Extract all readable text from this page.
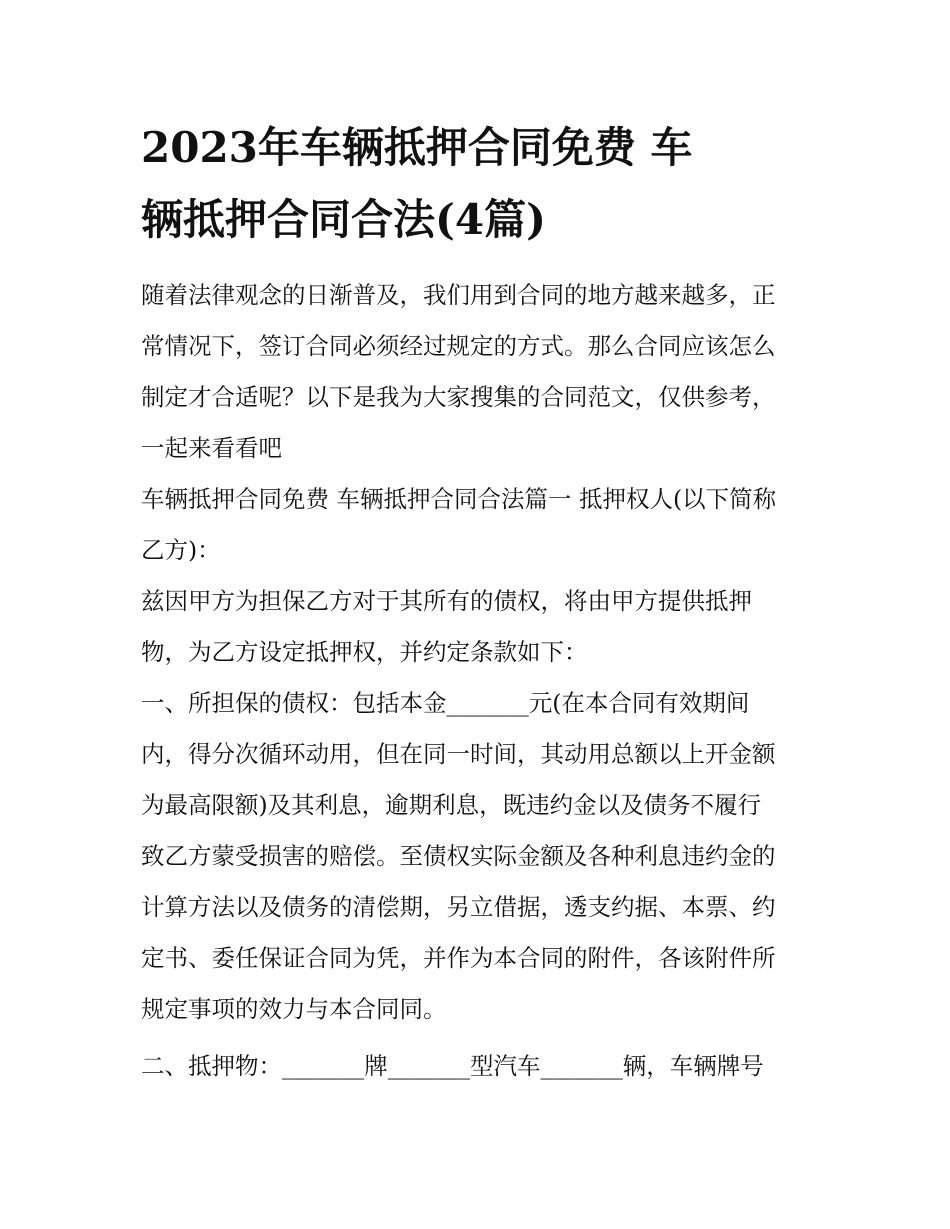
2023年车辆抵押合同免费 车
辆抵押合同合法(4篇)

随着法律观念的日渐普及，我们用到合同的地方越来越多，正
常情况下，签订合同必须经过规定的方式。那么合同应该怎么
制定才合适呢？以下是我为大家搜集的合同范文，仅供参考，
一起来看看吧

车辆抵押合同免费 车辆抵押合同合法篇一 抵押权人(以下简称
乙方)：

兹因甲方为担保乙方对于其所有的债权，将由甲方提供抵押
物，为乙方设定抵押权，并约定条款如下：

一、所担保的债权：包括本金_______元(在本合同有效期间
内，得分次循环动用，但在同一时间，其动用总额以上开金额
为最高限额)及其利息，逾期利息，既违约金以及债务不履行
致乙方蒙受损害的赔偿。至债权实际金额及各种利息违约金的
计算方法以及债务的清偿期，另立借据，透支约据、本票、约
定书、委任保证合同为凭，并作为本合同的附件，各该附件所
规定事项的效力与本合同同。

二、抵押物：_______牌_______型汽车_______辆，车辆牌号
